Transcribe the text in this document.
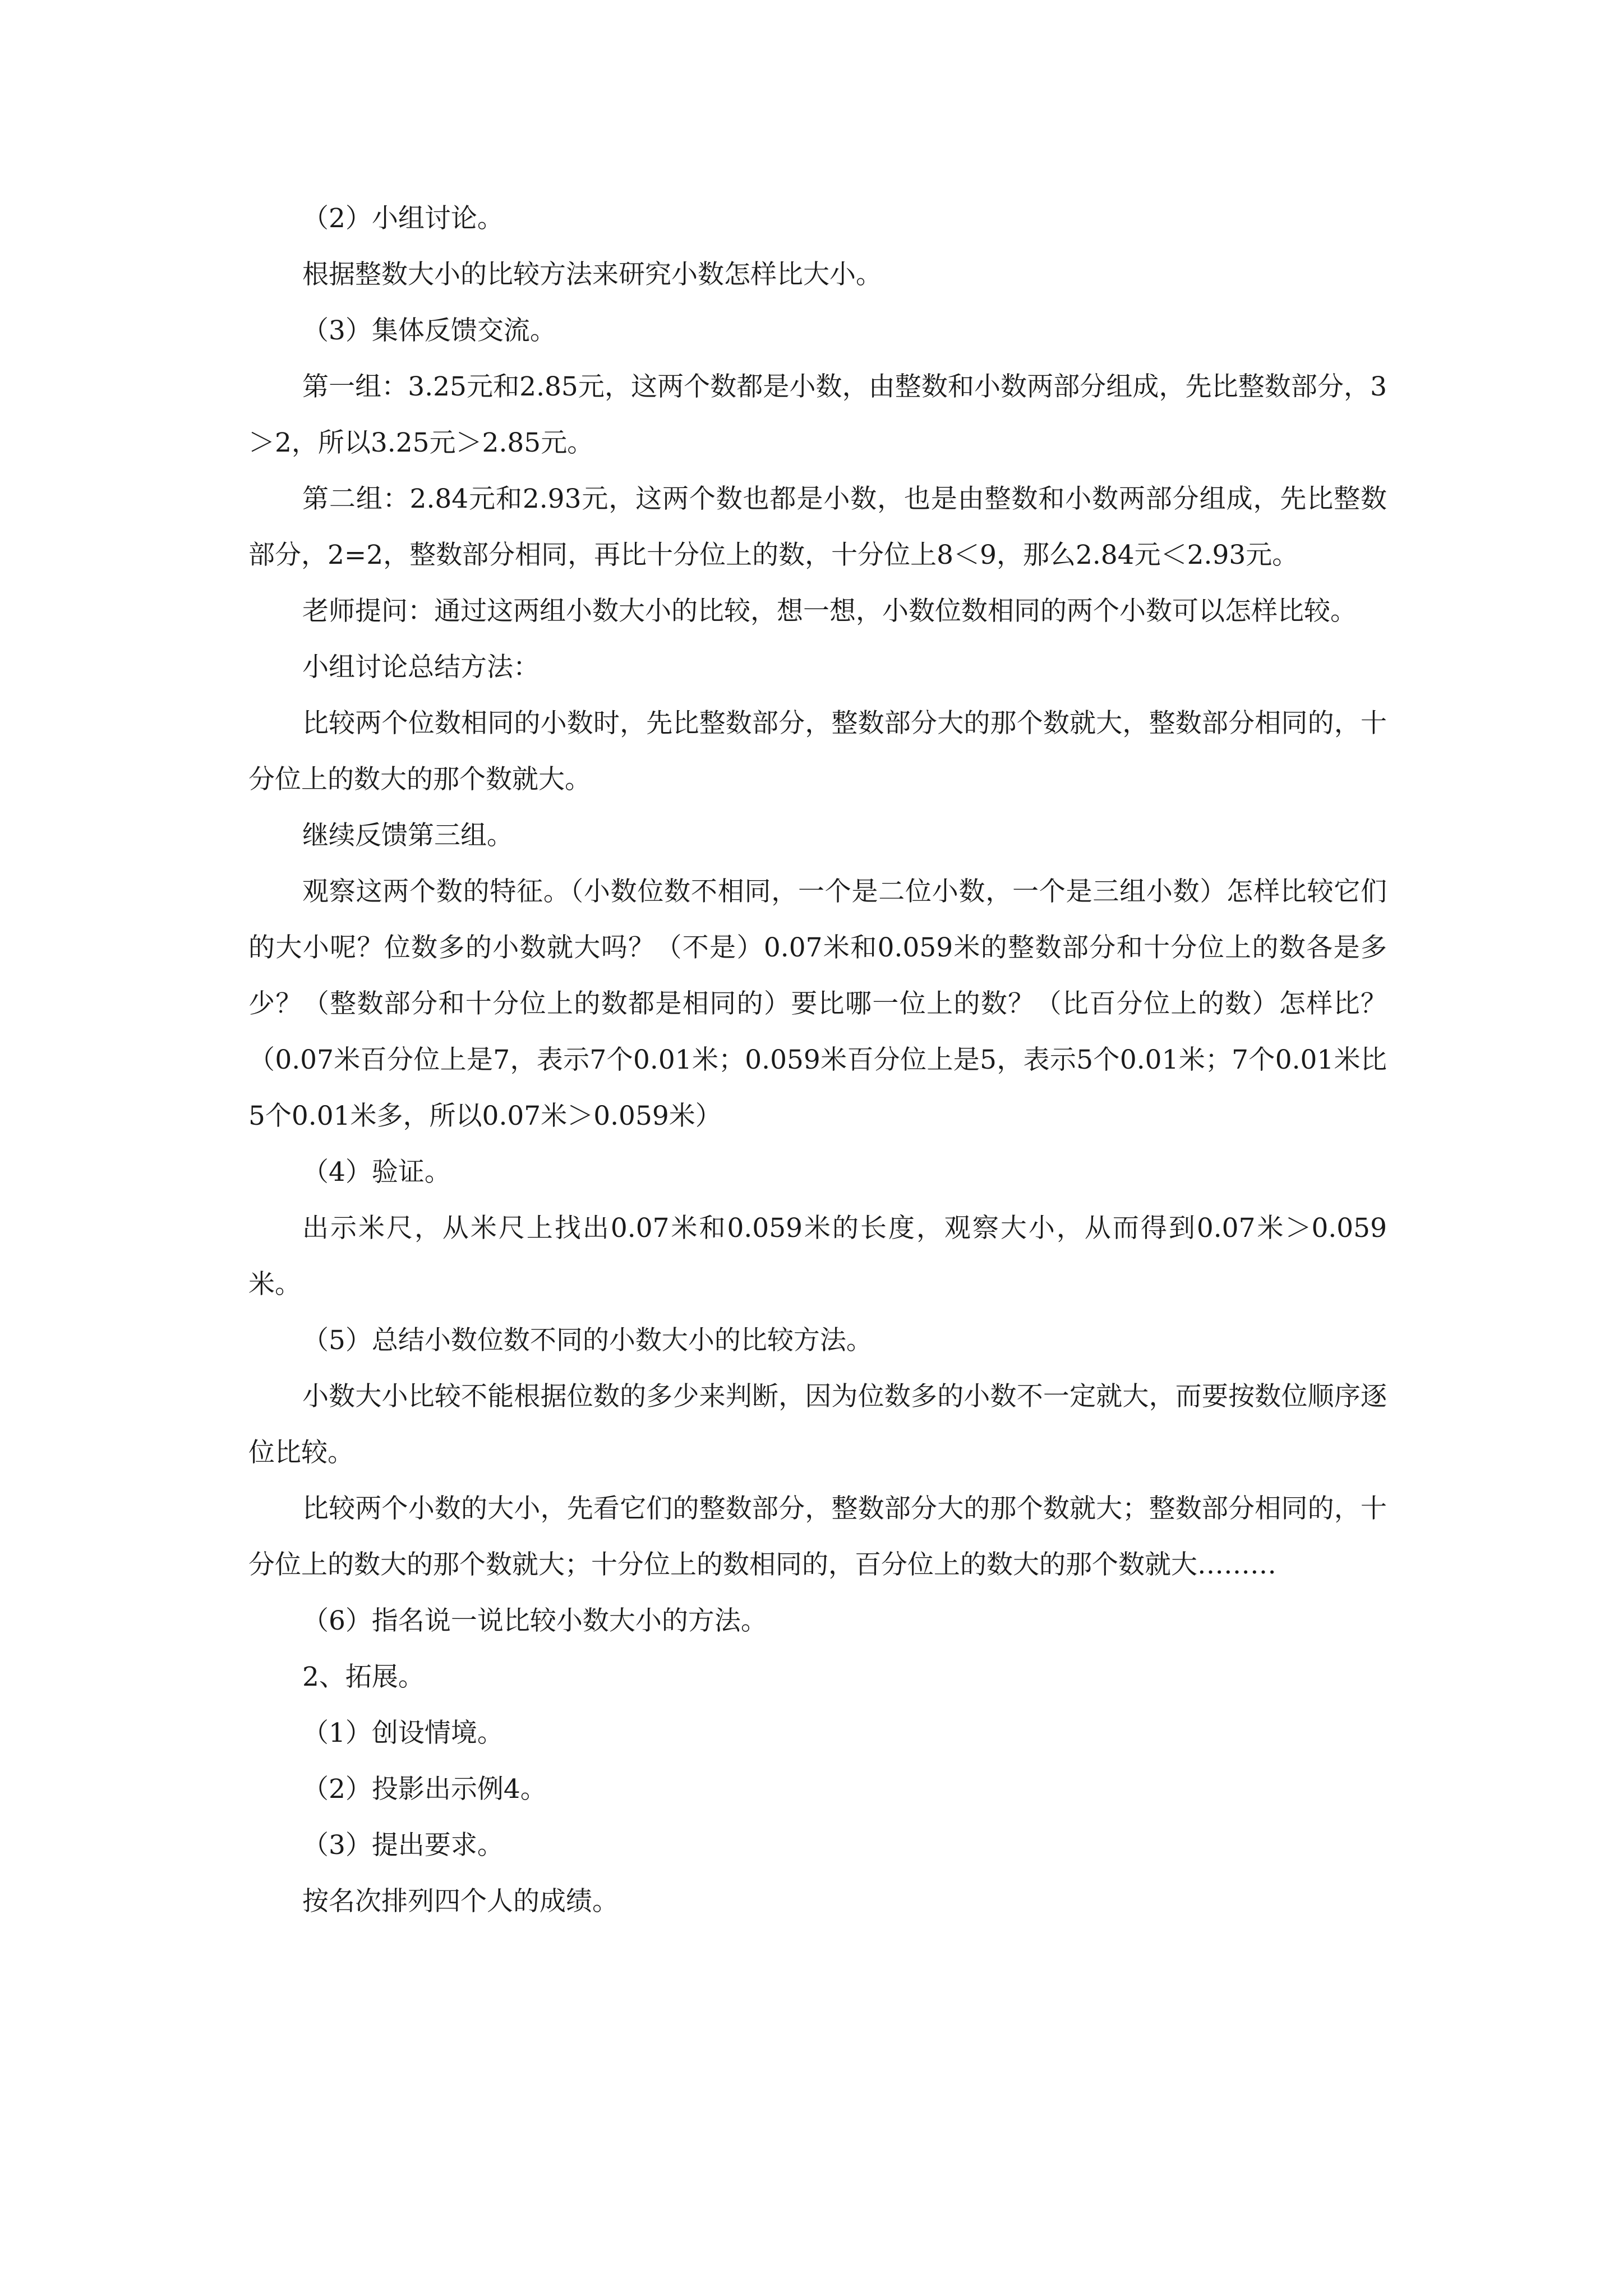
（2）小组讨论。

根据整数大小的比较方法来研究小数怎样比大小。

（3）集体反馈交流。

第一组：3.25元和2.85元，这两个数都是小数，由整数和小数两部分组成，先比整数部分，3＞2，所以3.25元＞2.85元。

第二组：2.84元和2.93元，这两个数也都是小数，也是由整数和小数两部分组成，先比整数部分，2=2，整数部分相同，再比十分位上的数，十分位上8＜9，那么2.84元＜2.93元。

老师提问：通过这两组小数大小的比较，想一想，小数位数相同的两个小数可以怎样比较。

小组讨论总结方法：

比较两个位数相同的小数时，先比整数部分，整数部分大的那个数就大，整数部分相同的，十分位上的数大的那个数就大。

继续反馈第三组。

观察这两个数的特征。（小数位数不相同，一个是二位小数，一个是三组小数）怎样比较它们的大小呢？位数多的小数就大吗？（不是）0.07米和0.059米的整数部分和十分位上的数各是多少？（整数部分和十分位上的数都是相同的）要比哪一位上的数？（比百分位上的数）怎样比？（0.07米百分位上是7，表示7个0.01米；0.059米百分位上是5，表示5个0.01米；7个0.01米比5个0.01米多，所以0.07米＞0.059米）

（4）验证。

出示米尺，从米尺上找出0.07米和0.059米的长度，观察大小，从而得到0.07米＞0.059米。

（5）总结小数位数不同的小数大小的比较方法。

小数大小比较不能根据位数的多少来判断，因为位数多的小数不一定就大，而要按数位顺序逐位比较。

比较两个小数的大小，先看它们的整数部分，整数部分大的那个数就大；整数部分相同的，十分位上的数大的那个数就大；十分位上的数相同的，百分位上的数大的那个数就大………

（6）指名说一说比较小数大小的方法。

2、拓展。

（1）创设情境。

（2）投影出示例4。

（3）提出要求。

按名次排列四个人的成绩。
